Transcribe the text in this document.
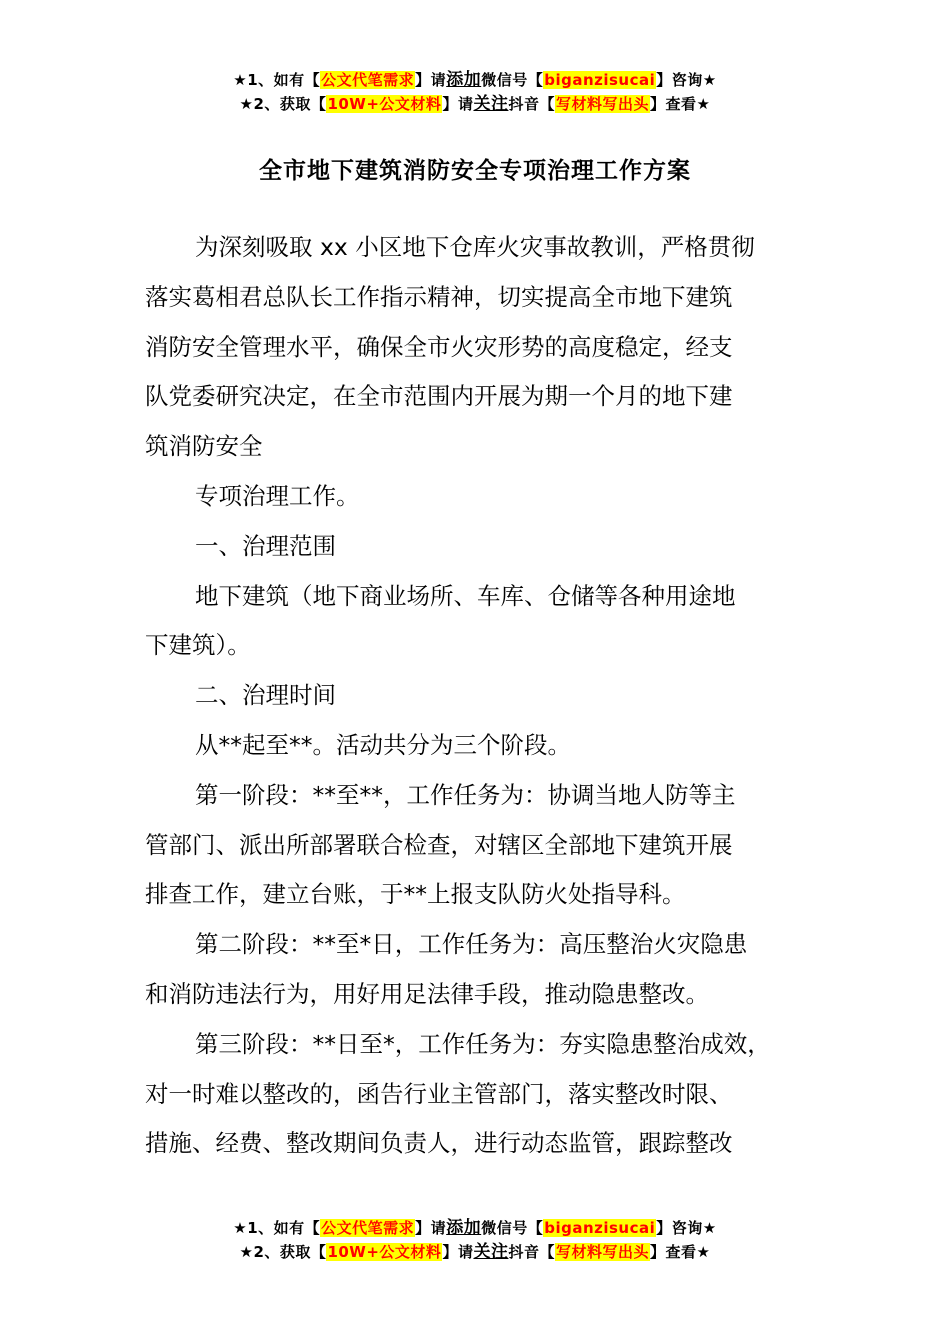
★1、如有【公文代笔需求】请添加微信号【biganzisucai】咨询★
★2、获取【10W+公文材料】请关注抖音【写材料写出头】查看★
全市地下建筑消防安全专项治理工作方案

为深刻吸取 xx 小区地下仓库火灾事故教训，严格贯彻

落实葛相君总队长工作指示精神，切实提高全市地下建筑

消防安全管理水平，确保全市火灾形势的高度稳定，经支

队党委研究决定，在全市范围内开展为期一个月的地下建

筑消防安全

专项治理工作。

一、治理范围

地下建筑（地下商业场所、车库、仓储等各种用途地

下建筑）。

二、治理时间

从**起至**。活动共分为三个阶段。

第一阶段：**至**，工作任务为：协调当地人防等主

管部门、派出所部署联合检查，对辖区全部地下建筑开展

排查工作，建立台账，于**上报支队防火处指导科。

第二阶段：**至*日，工作任务为：高压整治火灾隐患

和消防违法行为，用好用足法律手段，推动隐患整改。

第三阶段：**日至*，工作任务为：夯实隐患整治成效，

对一时难以整改的，函告行业主管部门，落实整改时限、

措施、经费、整改期间负责人，进行动态监管，跟踪整改

★1、如有【公文代笔需求】请添加微信号【biganzisucai】咨询★
★2、获取【10W+公文材料】请关注抖音【写材料写出头】查看★
